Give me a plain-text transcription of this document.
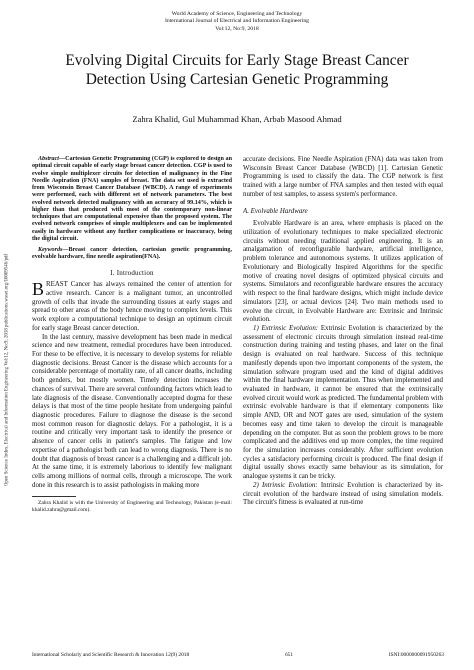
World Academy of Science, Engineering and Technology
International Journal of Electrical and Information Engineering
Vol:12, No:9, 2018
Evolving Digital Circuits for Early Stage Breast Cancer Detection Using Cartesian Genetic Programming
Zahra Khalid, Gul Muhammad Khan, Arbab Masood Ahmad
Open Science Index, Electrical and Information Engineering Vol:12, No:9, 2018 publications.waset.org/10009546/pdf

Abstract—Cartesian Genetic Programming (CGP) is explored to design an optimal circuit capable of early stage breast cancer detection. CGP is used to evolve simple multiplexer circuits for detection of malignancy in the Fine Needle Aspiration (FNA) samples of breast. The data set used is extracted from Wisconsin Breast Cancer Database (WBCD). A range of experiments were performed, each with different set of network parameters. The best evolved network detected malignancy with an accuracy of 99.14%, which is higher than that produced with most of the contemporary non-linear techniques that are computational expensive than the proposed system. The evolved network comprises of simple multiplexers and can be implemented easily in hardware without any further complications or inaccuracy, being the digital circuit.

Keywords—Breast cancer detection, cartesian genetic programming, evolvable hardware, fine needle aspiration(FNA).

I. Introduction

BREAST Cancer has always remained the center of attention for active research. Cancer is a malignant tumor, an uncontrolled growth of cells that invade the surrounding tissues at early stages and spread to other areas of the body hence moving to complex levels. This work explore a computational technique to design an optimum circuit for early stage Breast cancer detection.

In the last century, massive development has been made in medical science and new treatment, remedial procedures have been introduced. For these to be effective, it is necessary to develop systems for reliable diagnostic decisions. Breast Cancer is the disease which accounts for a considerable percentage of mortality rate, of all cancer deaths, including both genders, but mostly women. Timely detection increases the chances of survival. There are several confounding factors which lead to late diagnosis of the disease. Conventionally accepted dogma for these delays is that most of the time people hesitate from undergoing painful diagnostic procedures. Failure to diagnose the disease is the second most common reason for diagnostic delays. For a pathologist, it is a routine and critically very important task to identify the presence or absence of cancer cells in patient's samples. The fatigue and low expertise of a pathologist both can lead to wrong diagnosis. There is no doubt that diagnosis of breast cancer is a challenging and a difficult job. At the same time, it is extremely laborious to identify few malignant cells among millions of normal cells, through a microscope. The work done in this research is to assist pathologists in making more

Zahra Khalid is with the University of Engineering and Technology, Pakistan (e-mail: khalid.zahra@gmail.com).

accurate decisions. Fine Needle Aspiration (FNA) data was taken from Wisconsin Breast Cancer Database (WBCD) [1]. Cartesian Genetic Programming is used to classify the data. The CGP network is first trained with a large number of FNA samples and then tested with equal number of test samples, to assess system's performance.

A. Evolvable Hardware

Evolvable Hardware is an area, where emphasis is placed on the utilization of evolutionary techniques to make specialized electronic circuits without needing traditional applied engineering. It is an amalgamation of reconfigurable hardware, artificial intelligence, problem tolerance and autonomous systems. It utilizes application of Evolutionary and Biologically Inspired Algorithms for the specific motive of creating novel designs of optimized physical circuits and systems. Simulators and reconfigurable hardware ensures the accuracy with respect to the final hardware designs, which might include device simulators [23], or actual devices [24]. Two main methods used to evolve the circuit, in Evolvable Hardware are: Extrinsic and Intrinsic evolution.

1) Extrinsic Evolution: Extrinsic Evolution is characterized by the assessment of electronic circuits through simulation instead real-time construction during training and testing phases, and later on the final design is evaluated on real hardware. Success of this technique manifestly depends upon two important components of the system, the simulation software program used and the kind of digital additives within the final hardware implementation. Thus when implemented and evaluated in hardware, it cannot be ensured that the extrinsically evolved circuit would work as predicted. The fundamental problem with extrinsic evolvable hardware is that if elementary components like simple AND, OR and NOT gates are used, simulation of the system becomes easy and time taken to develop the circuit is manageable depending on the computer. But as soon the problem grows to be more complicated and the additives end up more complex, the time required for the simulation increases considerably. After sufficient evolution cycles a satisfactory performing circuit is produced. The final design if digital usually shows exactly same behaviour as its simulation, for analogue systems it can be tricky.

2) Intrinsic Evolution: Intrinsic Evolution is characterized by in-circuit evolution of the hardware instead of using simulation models. The circuit's fitness is evaluated at run-time

International Scholarly and Scientific Research & Innovation 12(9) 2018	651	ISNI:0000000091950263
